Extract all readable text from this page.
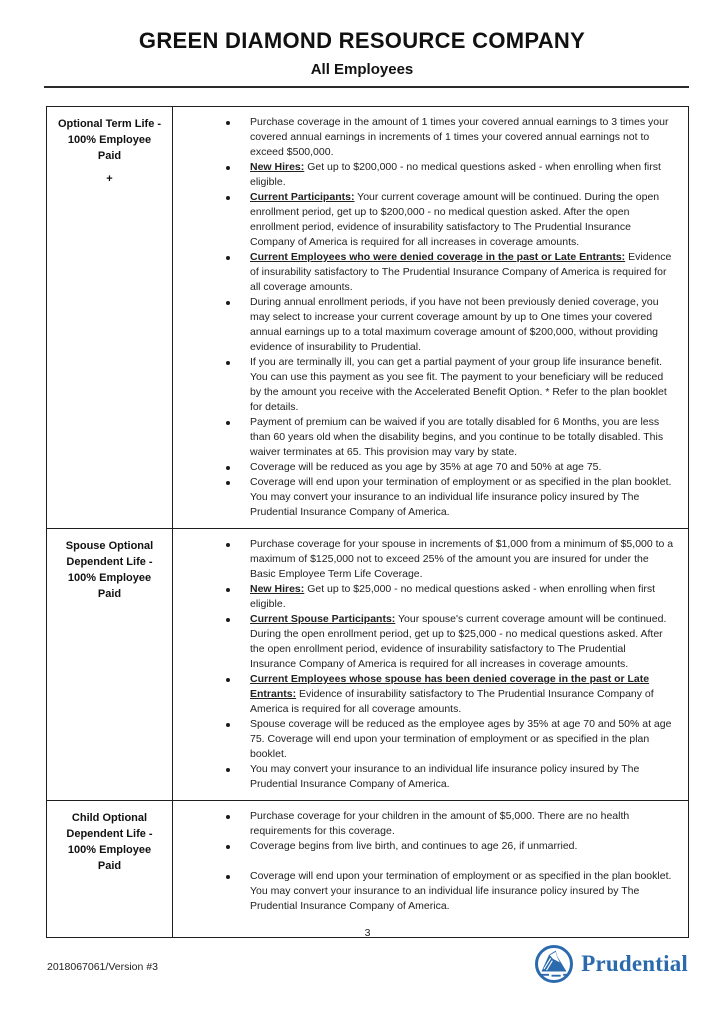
GREEN DIAMOND RESOURCE COMPANY
All Employees
Optional Term Life -
100% Employee
Paid
+
Purchase coverage in the amount of 1 times your covered annual earnings to 3 times your covered annual earnings in increments of 1 times your covered annual earnings not to exceed $500,000.
New Hires: Get up to $200,000 - no medical questions asked - when enrolling when first eligible.
Current Participants: Your current coverage amount will be continued. During the open enrollment period, get up to $200,000 - no medical question asked. After the open enrollment period, evidence of insurability satisfactory to The Prudential Insurance Company of America is required for all increases in coverage amounts.
Current Employees who were denied coverage in the past or Late Entrants: Evidence of insurability satisfactory to The Prudential Insurance Company of America is required for all coverage amounts.
During annual enrollment periods, if you have not been previously denied coverage, you may select to increase your current coverage amount by up to One times your covered annual earnings up to a total maximum coverage amount of $200,000, without providing evidence of insurability to Prudential.
If you are terminally ill, you can get a partial payment of your group life insurance benefit. You can use this payment as you see fit. The payment to your beneficiary will be reduced by the amount you receive with the Accelerated Benefit Option. * Refer to the plan booklet for details.
Payment of premium can be waived if you are totally disabled for 6 Months, you are less than 60 years old when the disability begins, and you continue to be totally disabled. This waiver terminates at 65. This provision may vary by state.
Coverage will be reduced as you age by 35% at age 70 and 50% at age 75.
Coverage will end upon your termination of employment or as specified in the plan booklet. You may convert your insurance to an individual life insurance policy insured by The Prudential Insurance Company of America.
Spouse Optional
Dependent Life -
100% Employee
Paid
Purchase coverage for your spouse in increments of $1,000 from a minimum of $5,000 to a maximum of $125,000 not to exceed 25% of the amount you are insured for under the Basic Employee Term Life Coverage.
New Hires: Get up to $25,000 - no medical questions asked - when enrolling when first eligible.
Current Spouse Participants: Your spouse's current coverage amount will be continued. During the open enrollment period, get up to $25,000 - no medical questions asked. After the open enrollment period, evidence of insurability satisfactory to The Prudential Insurance Company of America is required for all increases in coverage amounts.
Current Employees whose spouse has been denied coverage in the past or Late Entrants: Evidence of insurability satisfactory to The Prudential Insurance Company of America is required for all coverage amounts.
Spouse coverage will be reduced as the employee ages by 35% at age 70 and 50% at age 75. Coverage will end upon your termination of employment or as specified in the plan booklet.
You may convert your insurance to an individual life insurance policy insured by The Prudential Insurance Company of America.
Child Optional
Dependent Life -
100% Employee
Paid
Purchase coverage for your children in the amount of $5,000. There are no health requirements for this coverage.
Coverage begins from live birth, and continues to age 26, if unmarried.
Coverage will end upon your termination of employment or as specified in the plan booklet. You may convert your insurance to an individual life insurance policy insured by The Prudential Insurance Company of America.
3
2018067061/Version #3	Prudential
